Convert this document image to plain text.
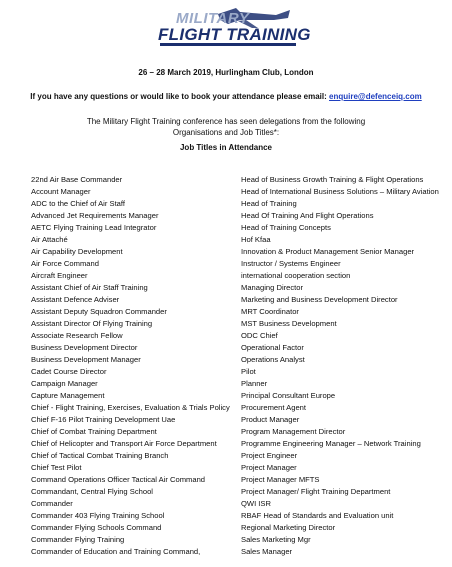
MILITARY
FLIGHT TRAINING
26 – 28 March 2019, Hurlingham Club, London
If you have any questions or would like to book your attendance please email: enquire@defenceiq.com
The Military Flight Training conference has seen delegations from the following
Organisations and Job Titles*:
Job Titles in Attendance
22nd Air Base Commander
Account Manager
ADC to the Chief of Air Staff
Advanced Jet Requirements Manager
AETC Flying Training Lead Integrator
Air Attaché
Air Capability Development
Air Force Command
Aircraft Engineer
Assistant Chief of Air Staff Training
Assistant Defence Adviser
Assistant Deputy Squadron Commander
Assistant Director Of Flying Training
Associate Research Fellow
Business Development Director
Business Development Manager
Cadet Course Director
Campaign Manager
Capture Management
Chief - Flight Training, Exercises, Evaluation & Trials Policy
Chief F-16 Pilot Training Development Uae
Chief of Combat Training Department
Chief of Helicopter and Transport Air Force Department
Chief of Tactical Combat Training Branch
Chief Test Pilot
Command Operations Officer Tactical Air Command
Commandant, Central Flying School
Commander
Commander 403 Flying Training School
Commander Flying Schools Command
Commander Flying Training
Commander of Education and Training Command,
Head of Business Growth Training & Flight Operations
Head of International Business Solutions – Military Aviation
Head of Training
Head Of Training And Flight Operations
Head of Training Concepts
Hof Kfaa
Innovation & Product Management Senior Manager
Instructor / Systems Engineer
international cooperation section
Managing Director
Marketing and Business Development Director
MRT Coordinator
MST Business Development
ODC Chief
Operational Factor
Operations Analyst
Pilot
Planner
Principal Consultant Europe
Procurement Agent
Product Manager
Program Management Director
Programme Engineering Manager – Network Training
Project Engineer
Project Manager
Project Manager MFTS
Project Manager/ Flight Training Department
QWI ISR
RBAF Head of Standards and Evaluation unit
Regional Marketing Director
Sales Marketing Mgr
Sales Manager
